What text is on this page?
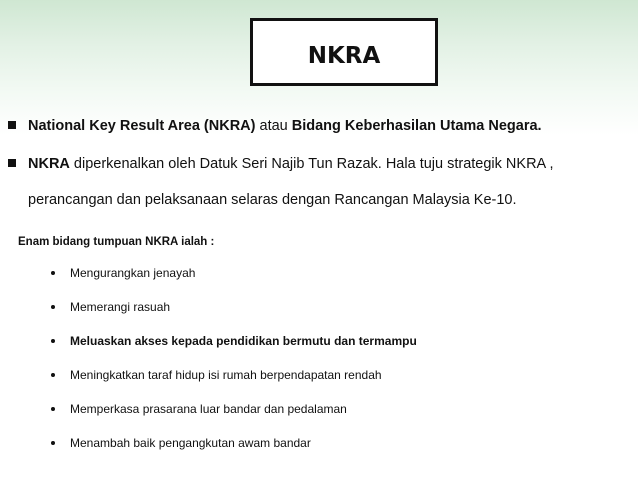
NKRA
National Key Result Area (NKRA) atau Bidang Keberhasilan Utama Negara.
NKRA diperkenalkan oleh Datuk Seri Najib Tun Razak. Hala tuju strategik NKRA ,
perancangan dan pelaksanaan selaras dengan Rancangan Malaysia Ke-10.
Enam bidang tumpuan NKRA ialah :
Mengurangkan jenayah
Memerangi rasuah
Meluaskan akses kepada pendidikan bermutu dan termampu
Meningkatkan taraf hidup isi rumah berpendapatan rendah
Memperkasa prasarana luar bandar dan pedalaman
Menambah baik pengangkutan awam bandar
